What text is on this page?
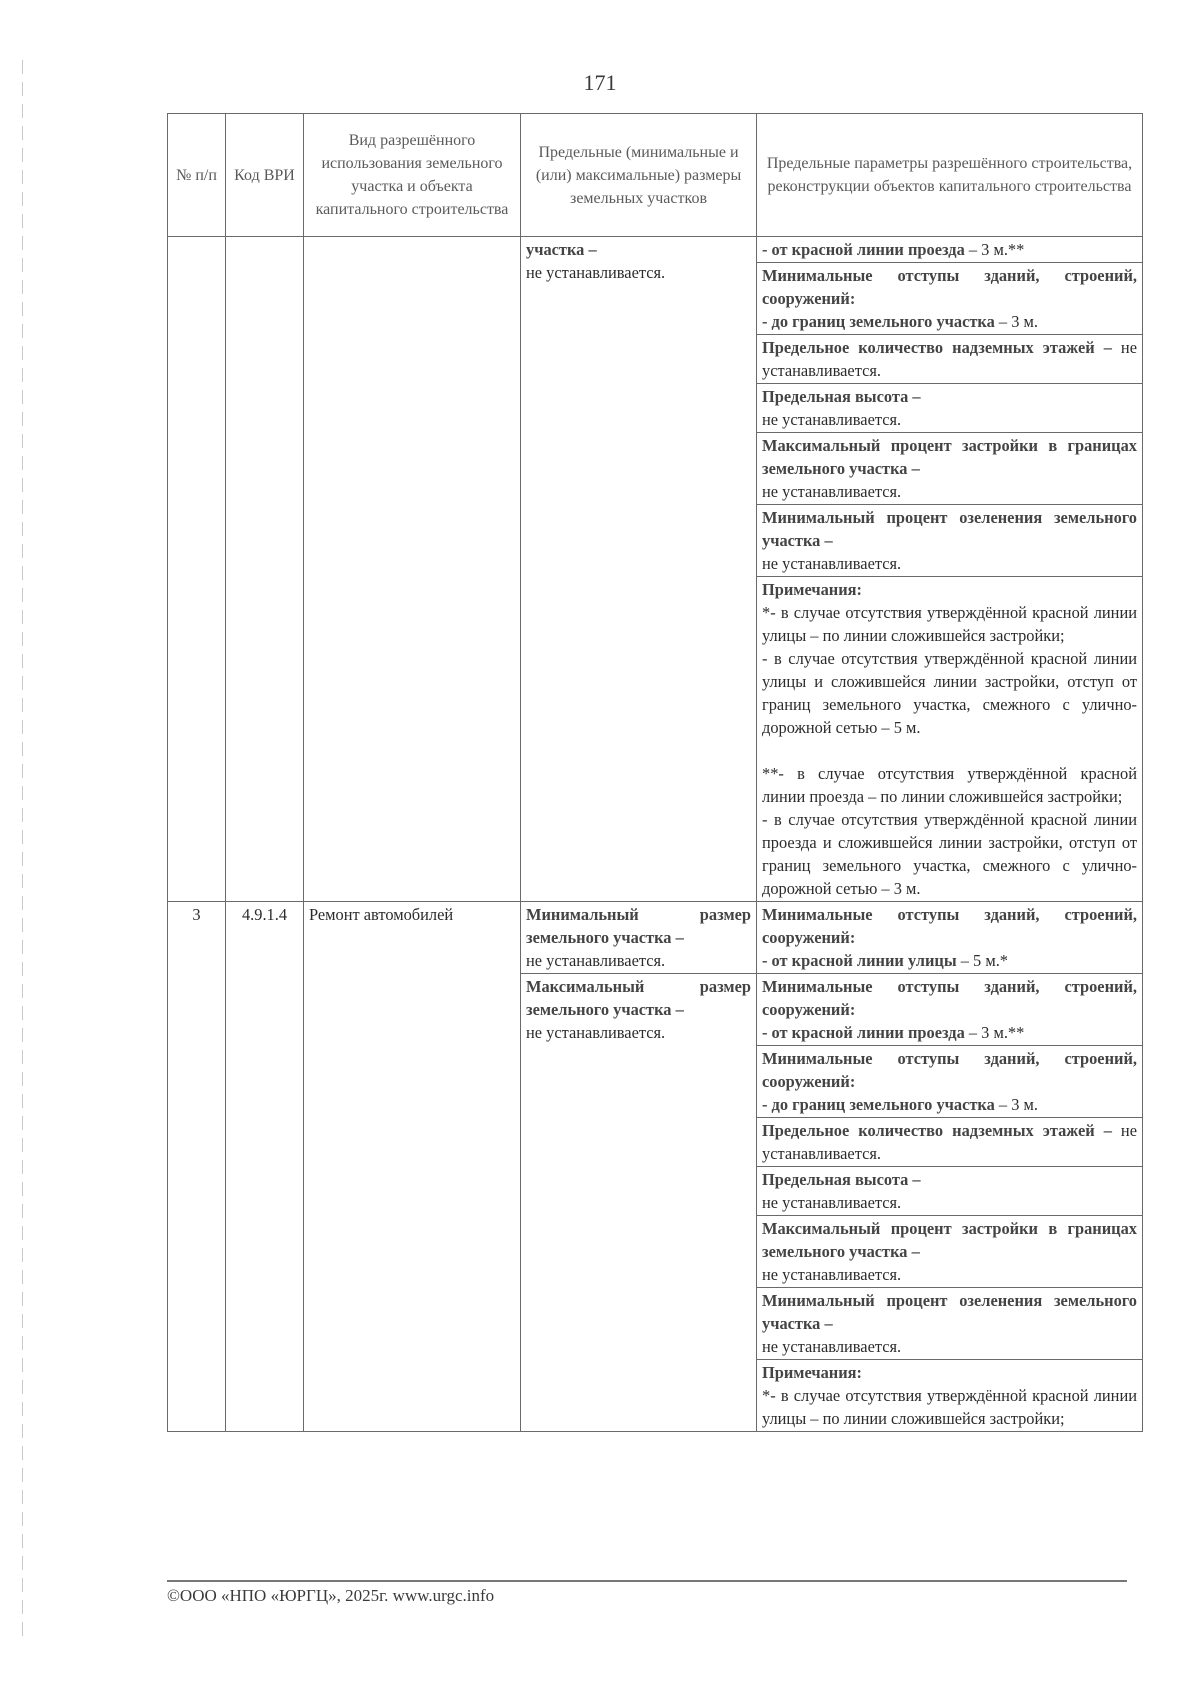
171
№ п/п	Код ВРИ	Вид разрешённого использования земельного участка и объекта капитального строительства	Предельные (минимальные и (или) максимальные) размеры земельных участков	Предельные параметры разрешённого строительства, реконструкции объектов капитального строительства

			участка –
не устанавливается.	- от красной линии проезда – 3 м.**

				Минимальные отступы зданий, строений, сооружений:
- до границ земельного участка – 3 м.
				Предельное количество надземных этажей – не устанавливается.

				Предельная высота –
не устанавливается.

				Максимальный процент застройки в границах земельного участка –
не устанавливается.

				Минимальный процент озеленения земельного участка –
не устанавливается.

				Примечания:
*- в случае отсутствия утверждённой красной линии улицы – по линии сложившейся застройки;
- в случае отсутствия утверждённой красной линии улицы и сложившейся линии застройки, отступ от границ земельного участка, смежного с улично-дорожной сетью – 5 м.
**- в случае отсутствия утверждённой красной линии проезда – по линии сложившейся застройки;
- в случае отсутствия утверждённой красной линии проезда и сложившейся линии застройки, отступ от границ земельного участка, смежного с улично-дорожной сетью – 3 м.

3	4.9.1.4	Ремонт автомобилей	Минимальный размер земельного участка –
не устанавливается.	Минимальные отступы зданий, строений, сооружений:
- от красной линии улицы – 5 м.*
			Максимальный размер земельного участка –
не устанавливается.	Минимальные отступы зданий, строений, сооружений:
- от красной линии проезда – 3 м.**

				Минимальные отступы зданий, строений, сооружений:
- до границ земельного участка – 3 м.
				Предельное количество надземных этажей – не устанавливается.

				Предельная высота –
не устанавливается.

				Максимальный процент застройки в границах земельного участка –
не устанавливается.

				Минимальный процент озеленения земельного участка –
не устанавливается.

				Примечания:
*- в случае отсутствия утверждённой красной линии улицы – по линии сложившейся застройки;
©ООО «НПО «ЮРГЦ», 2025г. www.urgc.info
